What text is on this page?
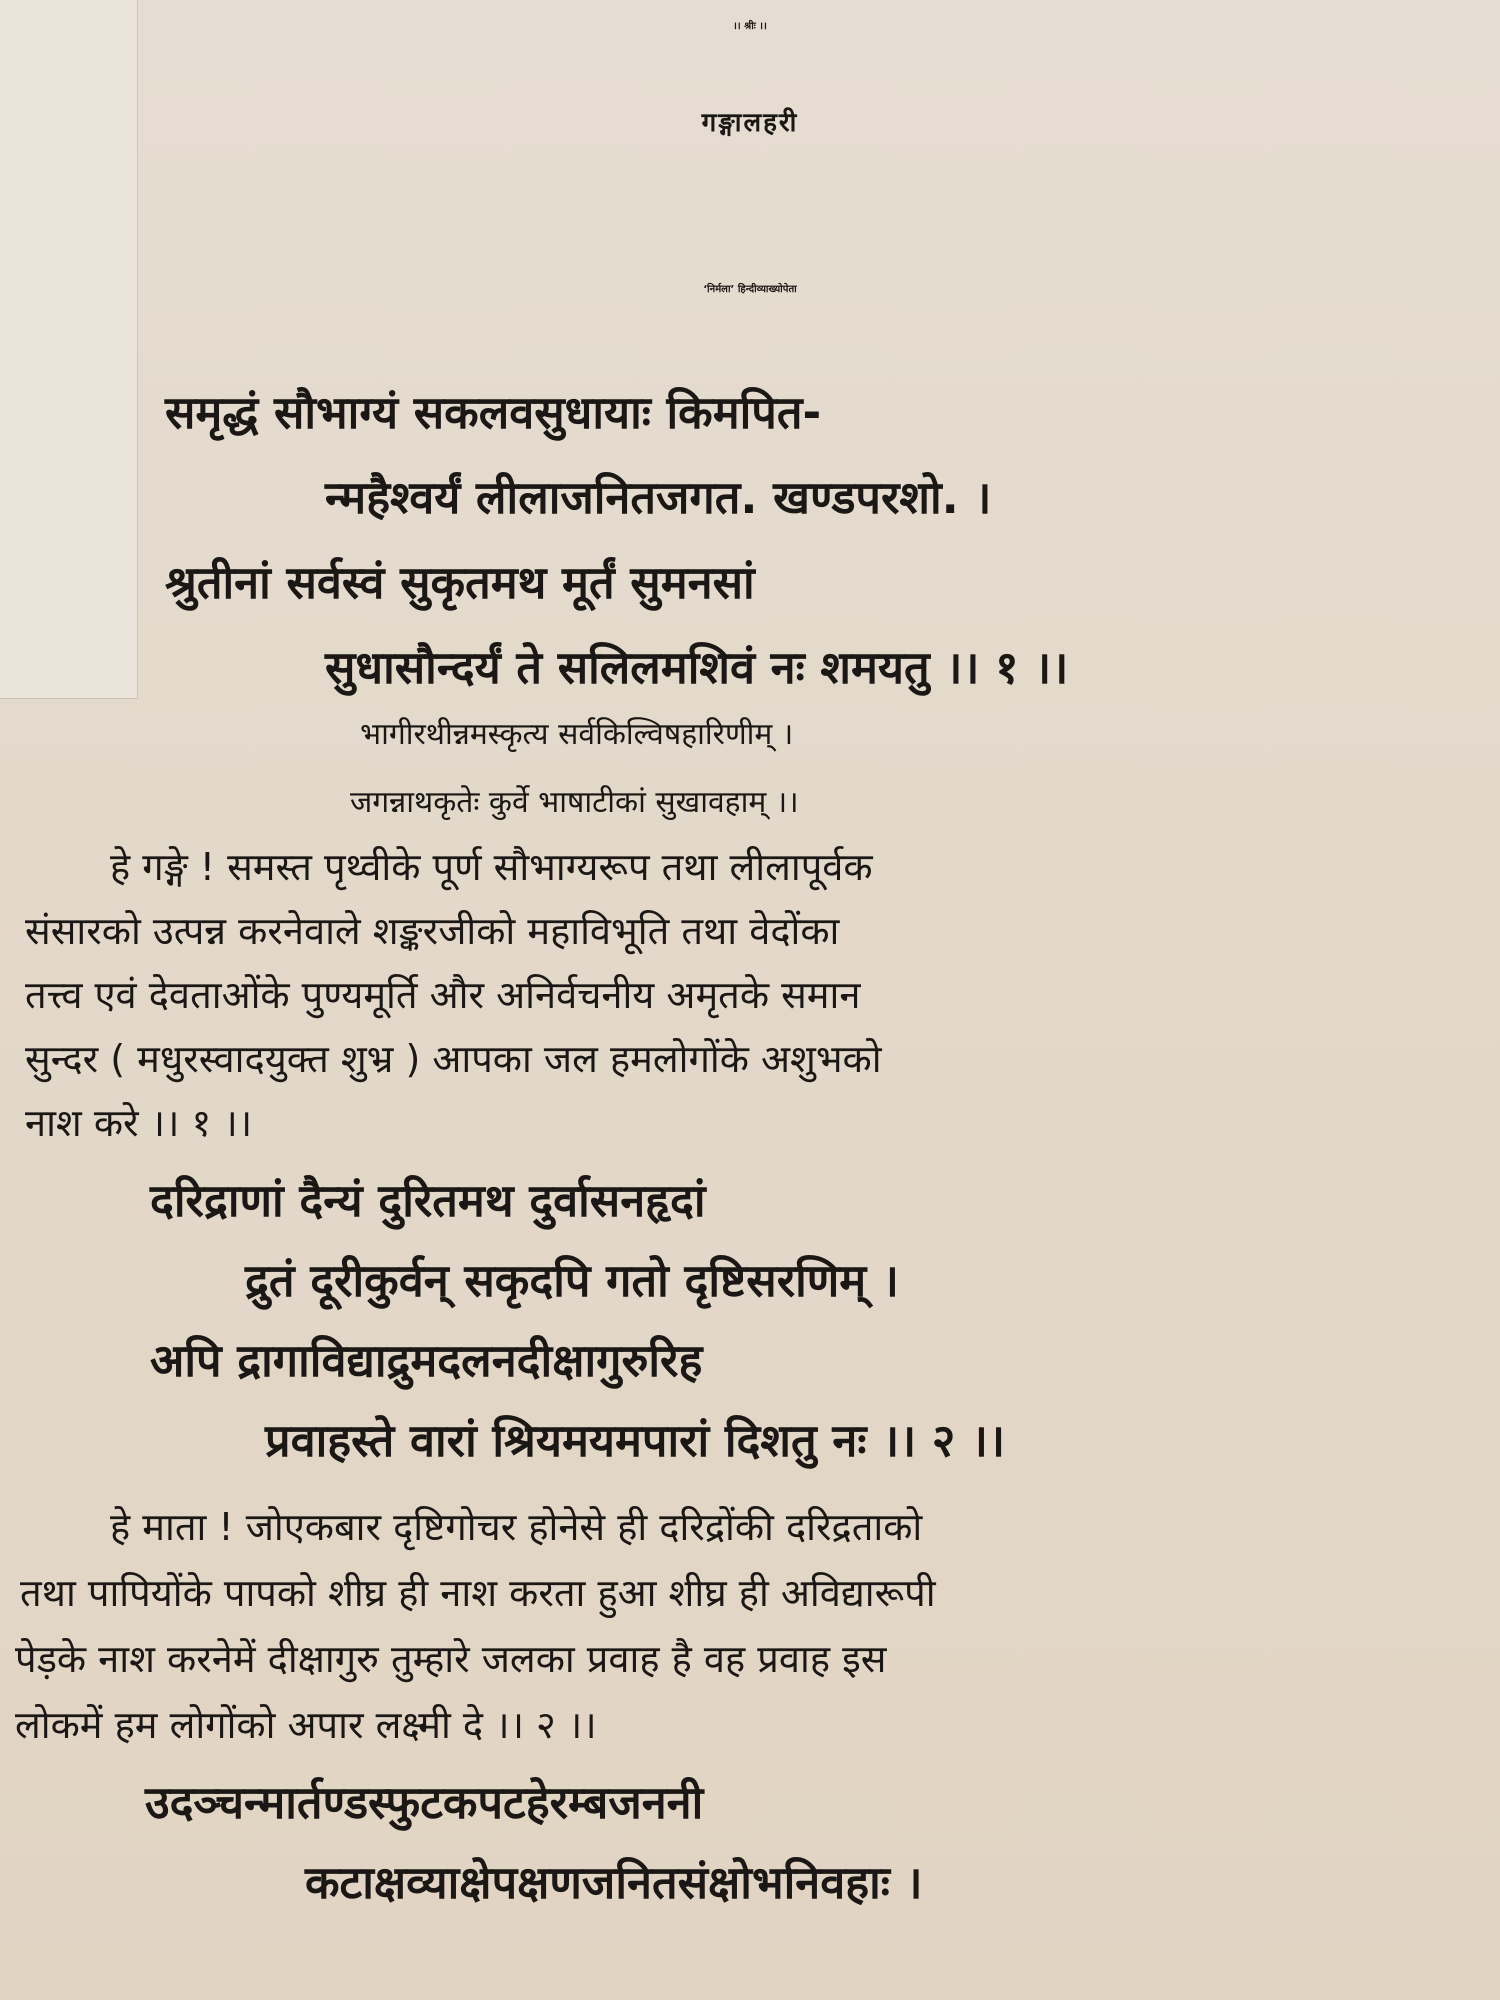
।। श्रीः ।।
गङ्गालहरी
‘निर्मला’ हिन्दीव्याख्योपेता
समृद्धं सौभाग्यं सकलवसुधायाः किमपित-
न्महैश्वर्यं लीलाजनितजगत. खण्डपरशो. ।
श्रुतीनां सर्वस्वं सुकृतमथ मूर्तं सुमनसां
सुधासौन्दर्यं ते सलिलमशिवं नः शमयतु ।। १ ।।
भागीरथीन्नमस्कृत्य सर्वकिल्विषहारिणीम् ।
जगन्नाथकृतेः कुर्वे भाषाटीकां सुखावहाम् ।।
हे गङ्गे ! समस्त पृथ्वीके पूर्ण सौभाग्यरूप तथा लीलापूर्वक
संसारको उत्पन्न करनेवाले शङ्करजीको महाविभूति तथा वेदोंका
तत्त्व एवं देवताओंके पुण्यमूर्ति और अनिर्वचनीय अमृतके समान
सुन्दर ( मधुरस्वादयुक्त शुभ्र ) आपका जल हमलोगोंके अशुभको
नाश करे ।। १ ।।
दरिद्राणां दैन्यं दुरितमथ दुर्वासनहृदां
द्रुतं दूरीकुर्वन् सकृदपि गतो दृष्टिसरणिम् ।
अपि द्रागाविद्याद्रुमदलनदीक्षागुरुरिह
प्रवाहस्ते वारां श्रियमयमपारां दिशतु नः ।। २ ।।
हे माता ! जोएकबार दृष्टिगोचर होनेसे ही दरिद्रोंकी दरिद्रताको
तथा पापियोंके पापको शीघ्र ही नाश करता हुआ शीघ्र ही अविद्यारूपी
पेड़के नाश करनेमें दीक्षागुरु तुम्हारे जलका प्रवाह है वह प्रवाह इस
लोकमें हम लोगोंको अपार लक्ष्मी दे ।। २ ।।
उदञ्चन्मार्तण्डस्फुटकपटहेरम्बजननी
कटाक्षव्याक्षेपक्षणजनितसंक्षोभनिवहाः ।
